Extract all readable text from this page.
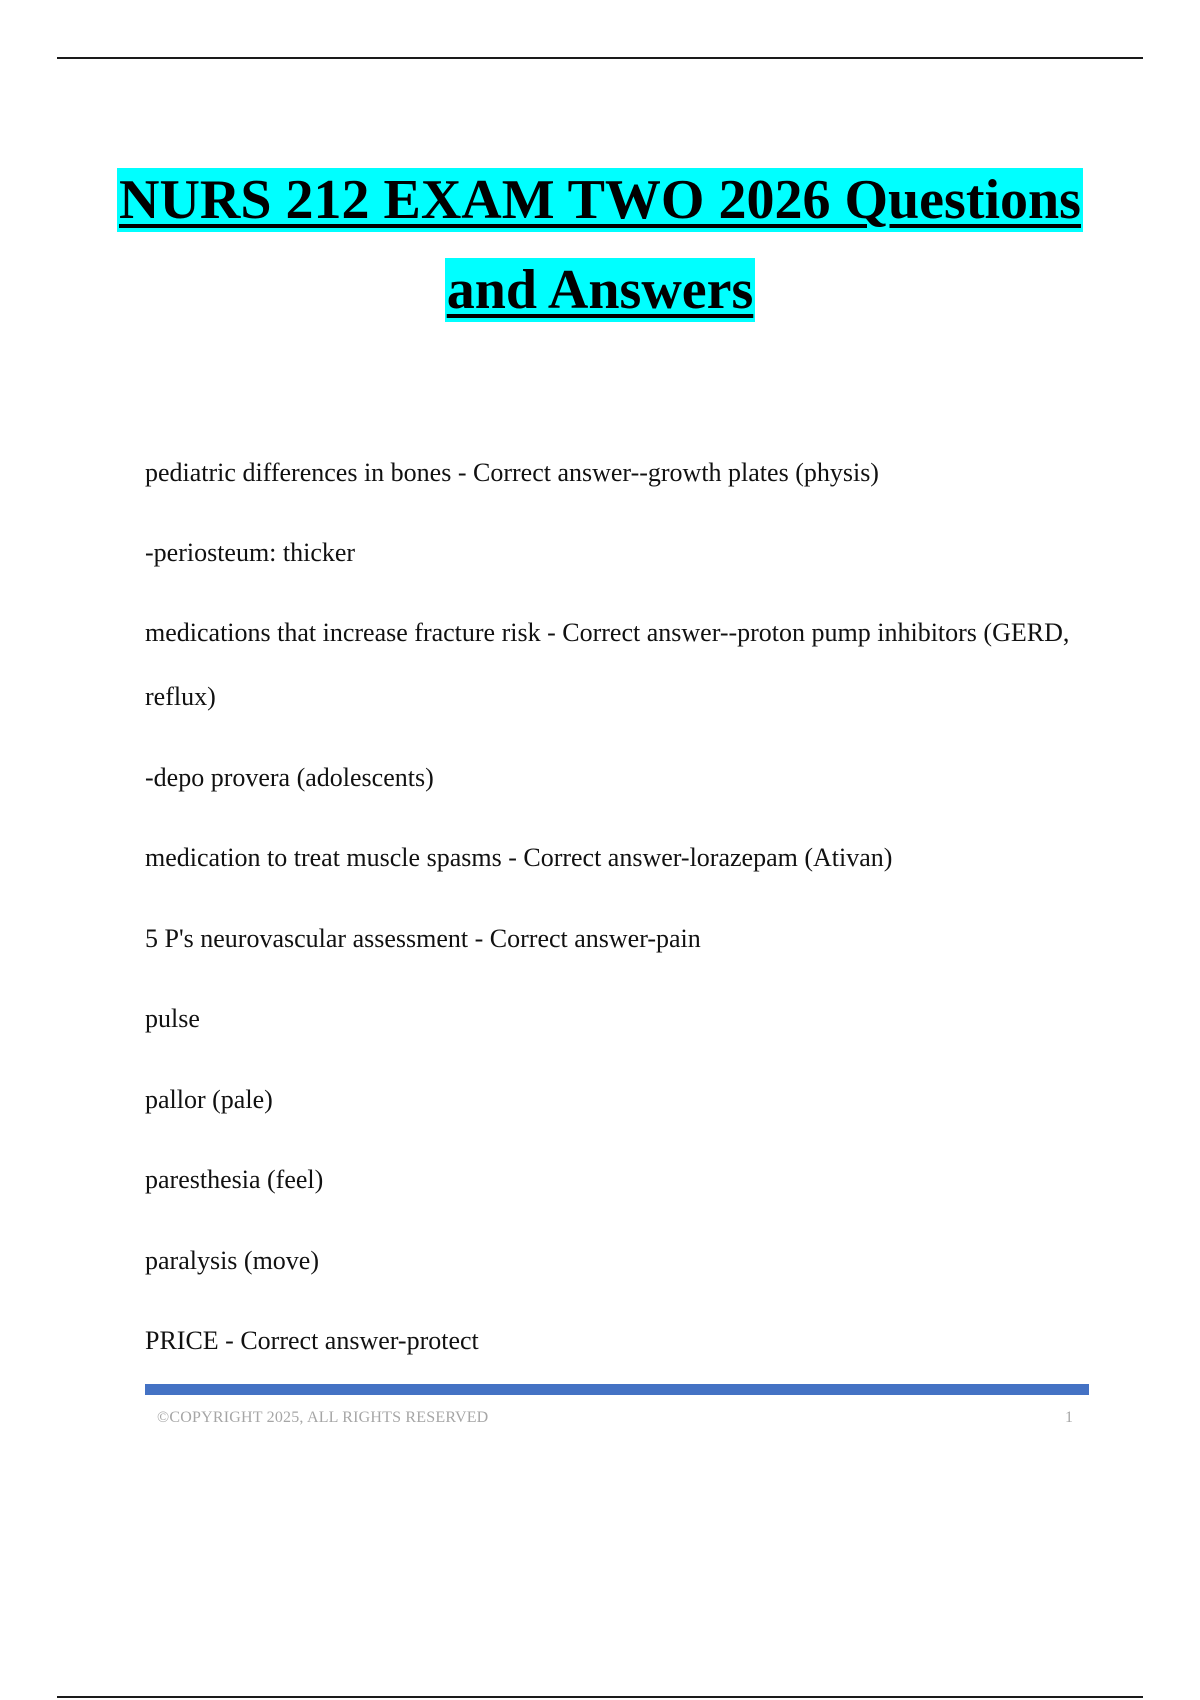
NURS 212 EXAM TWO 2026 Questions
and Answers

pediatric differences in bones - Correct answer--growth plates (physis)

-periosteum: thicker

medications that increase fracture risk - Correct answer--proton pump inhibitors (GERD, reflux)

-depo provera (adolescents)

medication to treat muscle spasms - Correct answer-lorazepam (Ativan)

5 P's neurovascular assessment - Correct answer-pain

pulse

pallor (pale)

paresthesia (feel)

paralysis (move)

PRICE - Correct answer-protect

©COPYRIGHT 2025, ALL RIGHTS RESERVED	1
